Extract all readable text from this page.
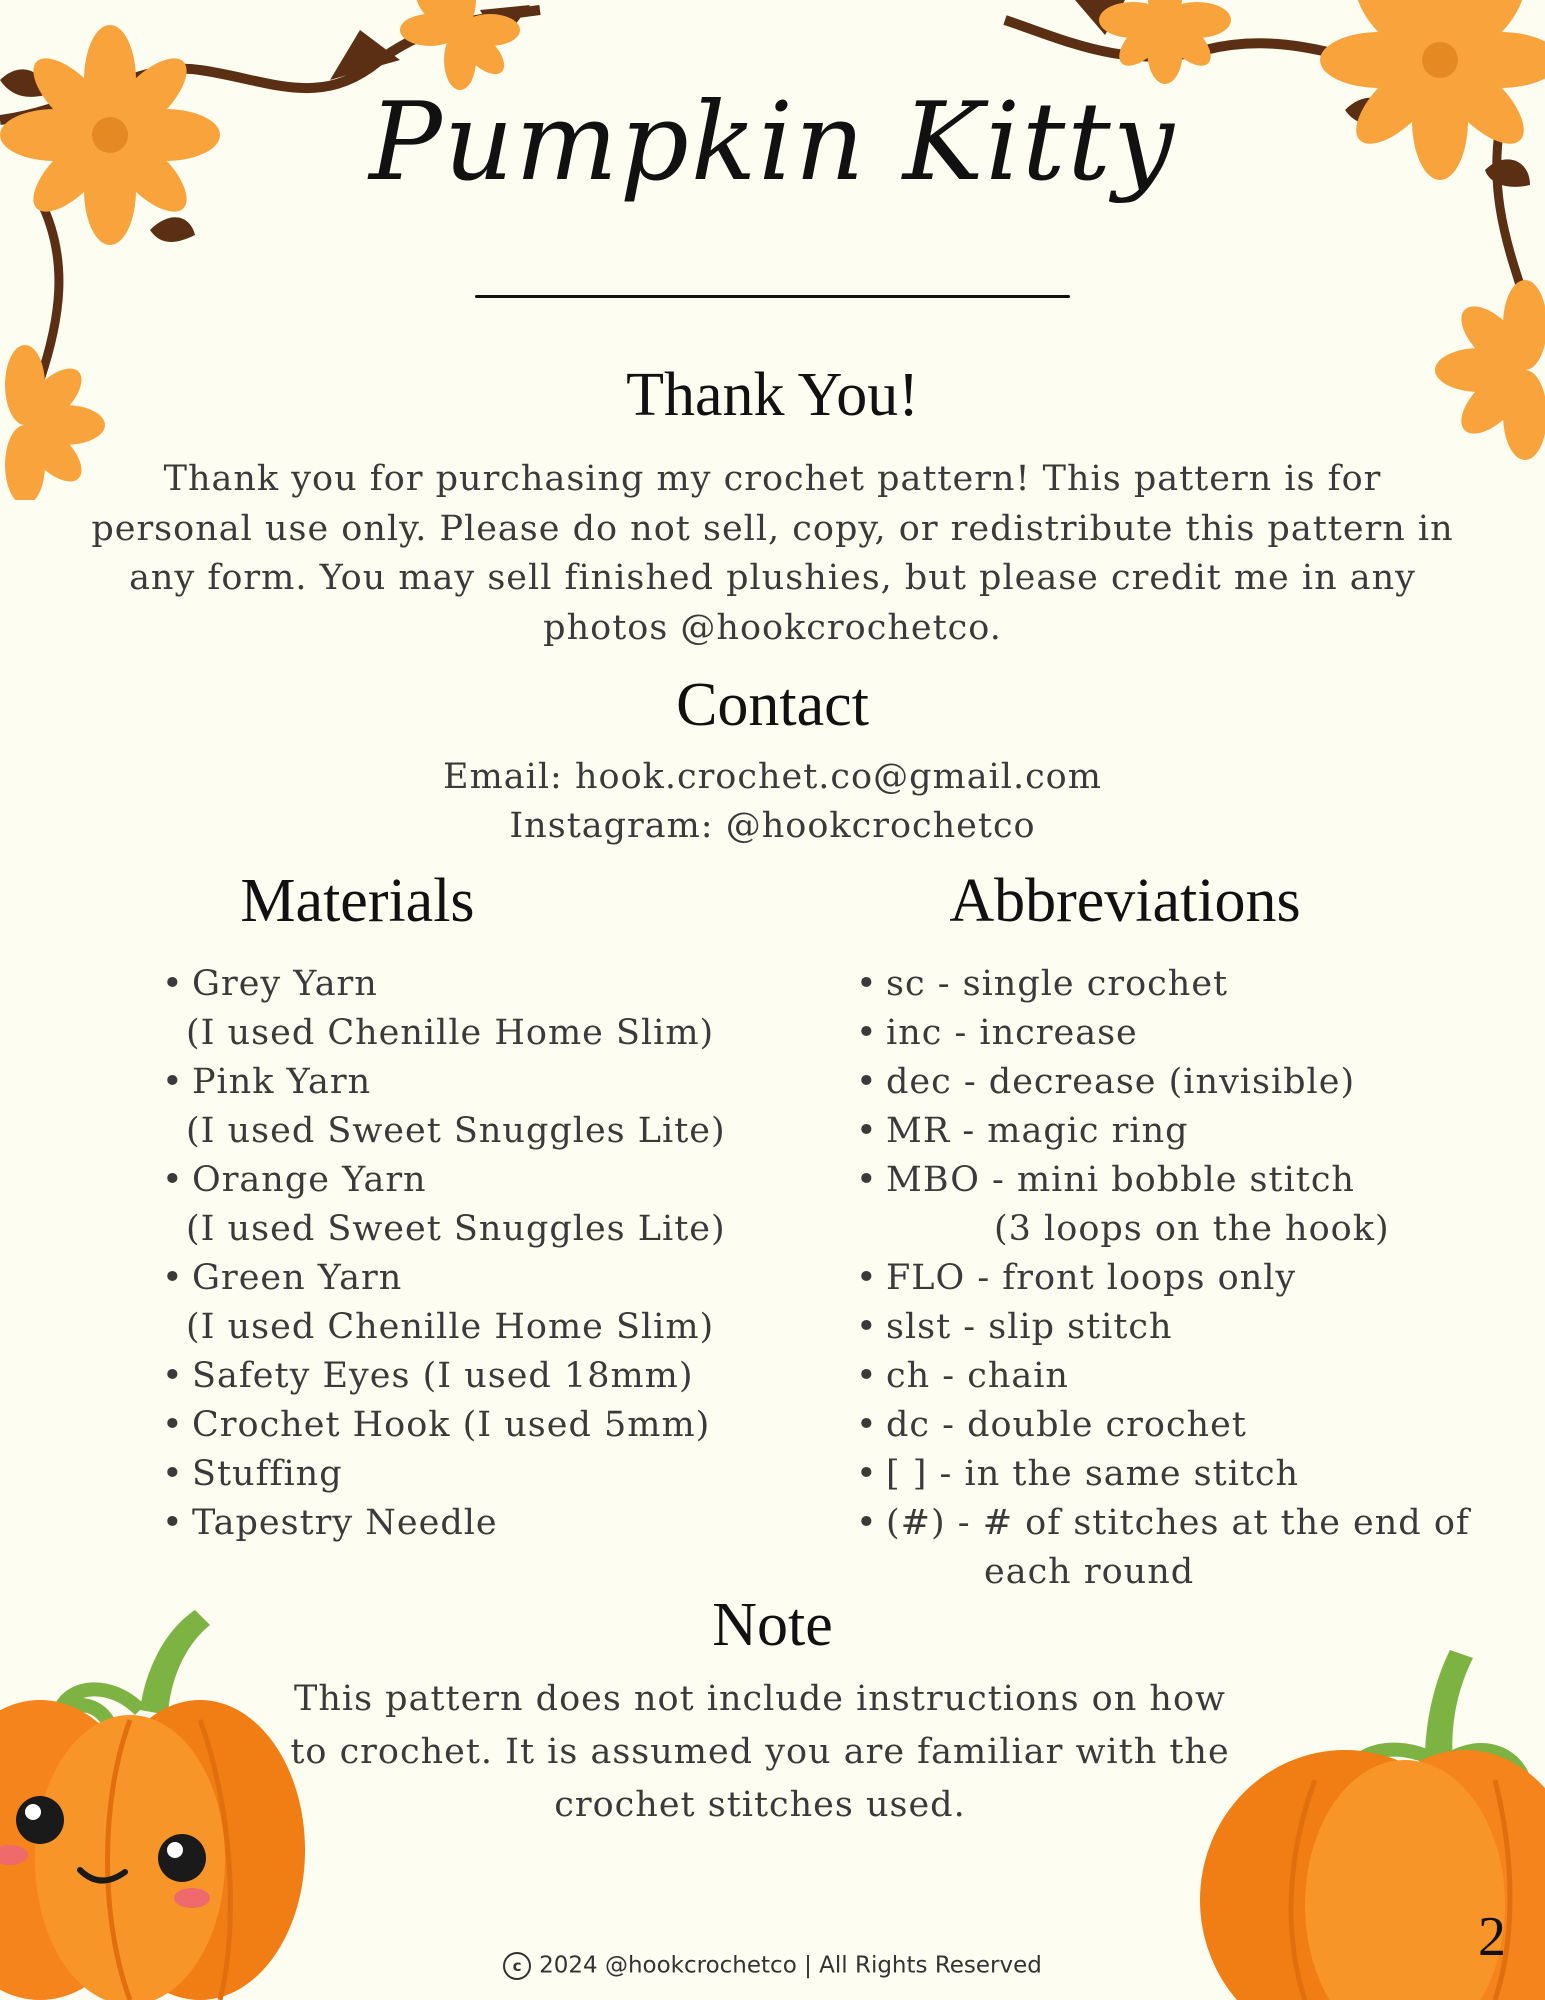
Pumpkin Kitty
Thank You!
Thank you for purchasing my crochet pattern! This pattern is for
personal use only. Please do not sell, copy, or redistribute this pattern in
any form. You may sell finished plushies, but please credit me in any
photos @hookcrochetco.
Contact
Email: hook.crochet.co@gmail.com
Instagram: @hookcrochetco
Materials
• Grey Yarn
(I used Chenille Home Slim)
• Pink Yarn
(I used Sweet Snuggles Lite)
• Orange Yarn
(I used Sweet Snuggles Lite)
• Green Yarn
(I used Chenille Home Slim)
• Safety Eyes (I used 18mm)
• Crochet Hook (I used 5mm)
• Stuffing
• Tapestry Needle
Abbreviations
• sc - single crochet
• inc - increase
• dec - decrease (invisible)
• MR - magic ring
• MBO - mini bobble stitch
(3 loops on the hook)
• FLO - front loops only
• slst - slip stitch
• ch - chain
• dc - double crochet
• [ ] - in the same stitch
• (#) - # of stitches at the end of
each round
Note
This pattern does not include instructions on how
to crochet. It is assumed you are familiar with the
crochet stitches used.
c 2024 @hookcrochetco | All Rights Reserved	2
